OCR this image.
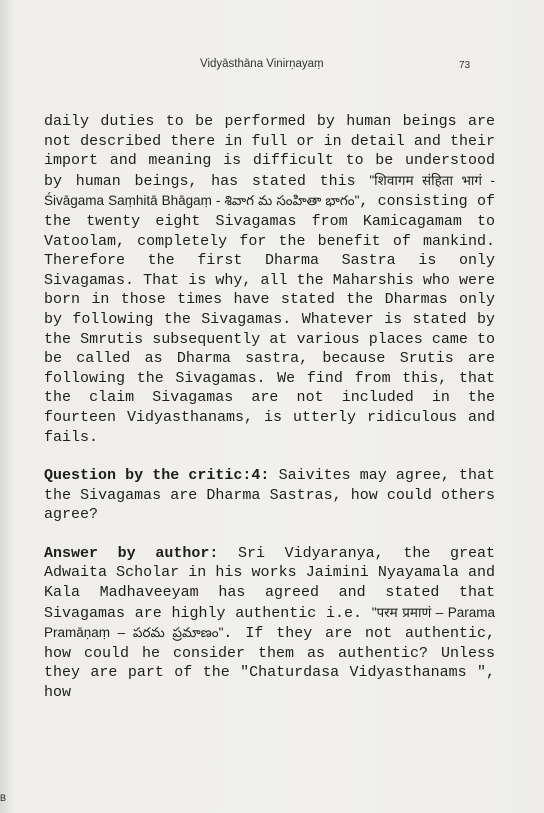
Vidyāsthāna Vinirṇayaṃ	73

daily duties to be performed by human beings are not described there in full or in detail and their import and meaning is difficult to be understood by human beings, has stated this "शिवागम संहिता भागं - Śivāgama Saṃhitā Bhāgaṃ - శివాగ మ సంహితా భాగం", consisting of the twenty eight Sivagamas from Kamicagamam to Vatoolam, completely for the benefit of mankind. Therefore the first Dharma Sastra is only Sivagamas. That is why, all the Maharshis who were born in those times have stated the Dharmas only by following the Sivagamas. Whatever is stated by the Smrutis subsequently at various places came to be called as Dharma sastra, because Srutis are following the Sivagamas. We find from this, that the claim Sivagamas are not included in the fourteen Vidyasthanams, is utterly ridiculous and fails.

Question by the critic:4: Saivites may agree, that the Sivagamas are Dharma Sastras, how could others agree?

Answer by author: Sri Vidyaranya, the great Adwaita Scholar in his works Jaimini Nyayamala and Kala Madhaveeyam has agreed and stated that Sivagamas are highly authentic i.e. "परम प्रमाणं – Parama Pramāṇaṃ – పరమ ప్రమాణం". If they are not authentic, how could he consider them as authentic? Unless they are part of the "Chaturdasa Vidyasthanams ", how

B
